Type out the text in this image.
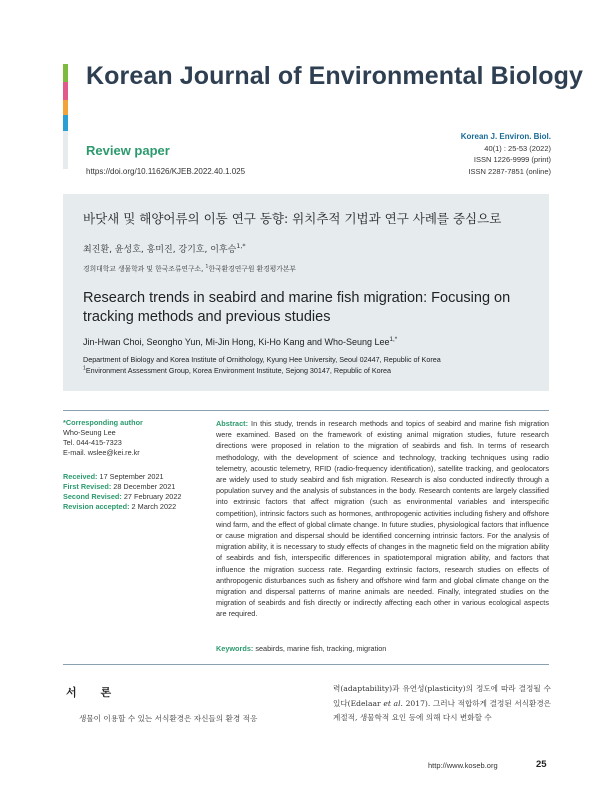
Korean Journal of Environmental Biology
Review paper
https://doi.org/10.11626/KJEB.2022.40.1.025
Korean J. Environ. Biol.
40(1) : 25-53 (2022)
ISSN 1226-9999 (print)
ISSN 2287-7851 (online)
바닷새 및 해양어류의 이동 연구 동향: 위치추적 기법과 연구 사례를 중심으로
최진환, 윤성호, 홍미진, 강기호, 이후승$^{1,*}$
경희대학교 생물학과 및 한국조류연구소, $^1$한국환경연구원 환경평가본부
Research trends in seabird and marine fish migration: Focusing on tracking methods and previous studies
Jin-Hwan Choi, Seongho Yun, Mi-Jin Hong, Ki-Ho Kang and Who-Seung Lee$^{1,*}$
Department of Biology and Korea Institute of Ornithology, Kyung Hee University, Seoul 02447, Republic of Korea
$^1$Environment Assessment Group, Korea Environment Institute, Sejong 30147, Republic of Korea
*Corresponding author
Who-Seung Lee
Tel. 044-415-7323
E-mail. wslee@kei.re.kr
Received: 17 September 2021
First Revised: 28 December 2021
Second Revised: 27 February 2022
Revision accepted: 2 March 2022
Abstract: In this study, trends in research methods and topics of seabird and marine fish migration were examined. Based on the framework of existing animal migration studies, future research directions were proposed in relation to the migration of seabirds and fish. In terms of research methodology, with the development of science and technology, tracking techniques using radio telemetry, acoustic telemetry, RFID (radio-frequency identification), satellite tracking, and geolocators are widely used to study seabird and fish migration. Research is also conducted indirectly through a population survey and the analysis of substances in the body. Research contents are largely classified into extrinsic factors that affect migration (such as environmental variables and interspecific competition), intrinsic factors such as hormones, anthropogenic activities including fishery and offshore wind farm, and the effect of global climate change. In future studies, physiological factors that influence or cause migration and dispersal should be identified concerning intrinsic factors. For the analysis of migration ability, it is necessary to study effects of changes in the magnetic field on the migration ability of seabirds and fish, interspecific differences in spatiotemporal migration ability, and factors that influence the migration success rate. Regarding extrinsic factors, research studies on effects of anthropogenic disturbances such as fishery and offshore wind farm and global climate change on the migration and dispersal patterns of marine animals are needed. Finally, integrated studies on the migration of seabirds and fish directly or indirectly affecting each other in various ecological aspects are required.
Keywords: seabirds, marine fish, tracking, migration
서 론
생물이 이용할 수 있는 서식환경은 자신들의 환경 적응
력(adaptability)과 유연성(plasticity)의 정도에 따라 결정될 수 있다(Edelaar et al. 2017). 그러나 적합하게 결정된 서식환경은 계절적, 생물학적 요인 등에 의해 다시 변화할 수
http://www.koseb.org	25
